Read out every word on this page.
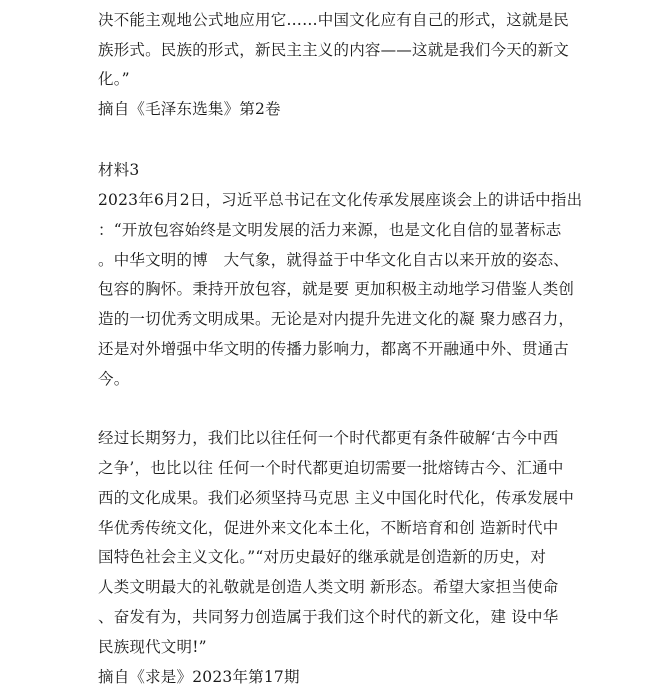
决不能主观地公式地应用它……中国文化应有自己的形式，这就是民
族形式。民族的形式，新民主主义的内容——这就是我们今天的新文
化。”
摘自《毛泽东选集》第2卷
材料3
2023年6月2日，习近平总书记在文化传承发展座谈会上的讲话中指出
：“开放包容始终是文明发展的活力来源，也是文化自信的显著标志
。中华文明的博　大气象，就得益于中华文化自古以来开放的姿态、
包容的胸怀。秉持开放包容，就是要 更加积极主动地学习借鉴人类创
造的一切优秀文明成果。无论是对内提升先进文化的凝 聚力感召力，
还是对外增强中华文明的传播力影响力，都离不开融通中外、贯通古
今。
经过长期努力，我们比以往任何一个时代都更有条件破解‘古今中西
之争’，也比以往 任何一个时代都更迫切需要一批熔铸古今、汇通中
西的文化成果。我们必须坚持马克思 主义中国化时代化，传承发展中
华优秀传统文化，促进外来文化本土化，不断培育和创 造新时代中
国特色社会主义文化。”“对历史最好的继承就是创造新的历史，对
人类文明最大的礼敬就是创造人类文明 新形态。希望大家担当使命
、奋发有为，共同努力创造属于我们这个时代的新文化，建 设中华
民族现代文明!”
摘自《求是》2023年第17期
